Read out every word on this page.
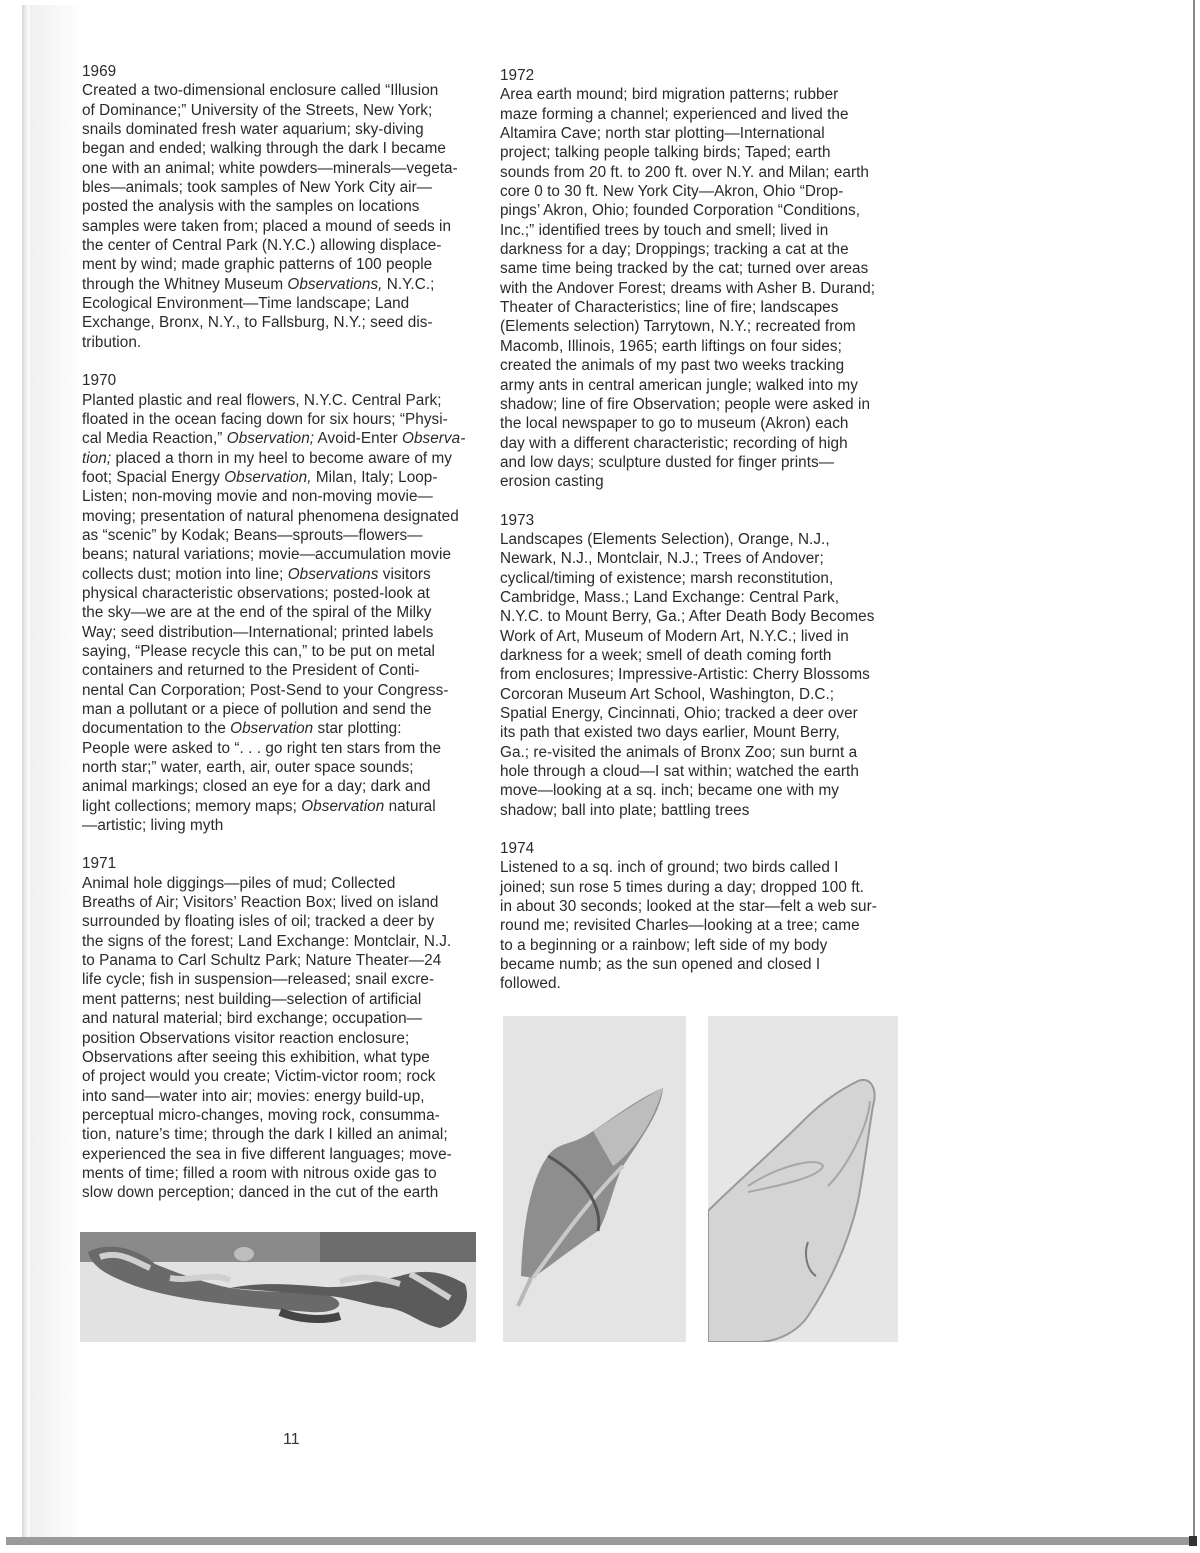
1969
Created a two-dimensional enclosure called “Illusion
of Dominance;” University of the Streets, New York;
snails dominated fresh water aquarium; sky-diving
began and ended; walking through the dark I became
one with an animal; white powders—minerals—vegeta-
bles—animals; took samples of New York City air—
posted the analysis with the samples on locations
samples were taken from; placed a mound of seeds in
the center of Central Park (N.Y.C.) allowing displace-
ment by wind; made graphic patterns of 100 people
through the Whitney Museum Observations, N.Y.C.;
Ecological Environment—Time landscape; Land
Exchange, Bronx, N.Y., to Fallsburg, N.Y.; seed dis-
tribution.
1970
Planted plastic and real flowers, N.Y.C. Central Park;
floated in the ocean facing down for six hours; “Physi-
cal Media Reaction,” Observation; Avoid-Enter Observa-
tion; placed a thorn in my heel to become aware of my
foot; Spacial Energy Observation, Milan, Italy; Loop-
Listen; non-moving movie and non-moving movie—
moving; presentation of natural phenomena designated
as “scenic” by Kodak; Beans—sprouts—flowers—
beans; natural variations; movie—accumulation movie
collects dust; motion into line; Observations visitors
physical characteristic observations; posted-look at
the sky—we are at the end of the spiral of the Milky
Way; seed distribution—International; printed labels
saying, “Please recycle this can,” to be put on metal
containers and returned to the President of Conti-
nental Can Corporation; Post-Send to your Congress-
man a pollutant or a piece of pollution and send the
documentation to the Observation star plotting:
People were asked to “. . . go right ten stars from the
north star;” water, earth, air, outer space sounds;
animal markings; closed an eye for a day; dark and
light collections; memory maps; Observation natural
—artistic; living myth
1971
Animal hole diggings—piles of mud; Collected
Breaths of Air; Visitors’ Reaction Box; lived on island
surrounded by floating isles of oil; tracked a deer by
the signs of the forest; Land Exchange: Montclair, N.J.
to Panama to Carl Schultz Park; Nature Theater—24
life cycle; fish in suspension—released; snail excre-
ment patterns; nest building—selection of artificial
and natural material; bird exchange; occupation—
position Observations visitor reaction enclosure;
Observations after seeing this exhibition, what type
of project would you create; Victim-victor room; rock
into sand—water into air; movies: energy build-up,
perceptual micro-changes, moving rock, consumma-
tion, nature’s time; through the dark I killed an animal;
experienced the sea in five different languages; move-
ments of time; filled a room with nitrous oxide gas to
slow down perception; danced in the cut of the earth
1972
Area earth mound; bird migration patterns; rubber
maze forming a channel; experienced and lived the
Altamira Cave; north star plotting—International
project; talking people talking birds; Taped; earth
sounds from 20 ft. to 200 ft. over N.Y. and Milan; earth
core 0 to 30 ft. New York City—Akron, Ohio “Drop-
pings’ Akron, Ohio; founded Corporation “Conditions,
Inc.;” identified trees by touch and smell; lived in
darkness for a day; Droppings; tracking a cat at the
same time being tracked by the cat; turned over areas
with the Andover Forest; dreams with Asher B. Durand;
Theater of Characteristics; line of fire; landscapes
(Elements selection) Tarrytown, N.Y.; recreated from
Macomb, Illinois, 1965; earth liftings on four sides;
created the animals of my past two weeks tracking
army ants in central american jungle; walked into my
shadow; line of fire Observation; people were asked in
the local newspaper to go to museum (Akron) each
day with a different characteristic; recording of high
and low days; sculpture dusted for finger prints—
erosion casting
1973
Landscapes (Elements Selection), Orange, N.J.,
Newark, N.J., Montclair, N.J.; Trees of Andover;
cyclical/timing of existence; marsh reconstitution,
Cambridge, Mass.; Land Exchange: Central Park,
N.Y.C. to Mount Berry, Ga.; After Death Body Becomes
Work of Art, Museum of Modern Art, N.Y.C.; lived in
darkness for a week; smell of death coming forth
from enclosures; Impressive-Artistic: Cherry Blossoms
Corcoran Museum Art School, Washington, D.C.;
Spatial Energy, Cincinnati, Ohio; tracked a deer over
its path that existed two days earlier, Mount Berry,
Ga.; re-visited the animals of Bronx Zoo; sun burnt a
hole through a cloud—I sat within; watched the earth
move—looking at a sq. inch; became one with my
shadow; ball into plate; battling trees
1974
Listened to a sq. inch of ground; two birds called I
joined; sun rose 5 times during a day; dropped 100 ft.
in about 30 seconds; looked at the star—felt a web sur-
round me; revisited Charles—looking at a tree; came
to a beginning or a rainbow; left side of my body
became numb; as the sun opened and closed I
followed.
11
